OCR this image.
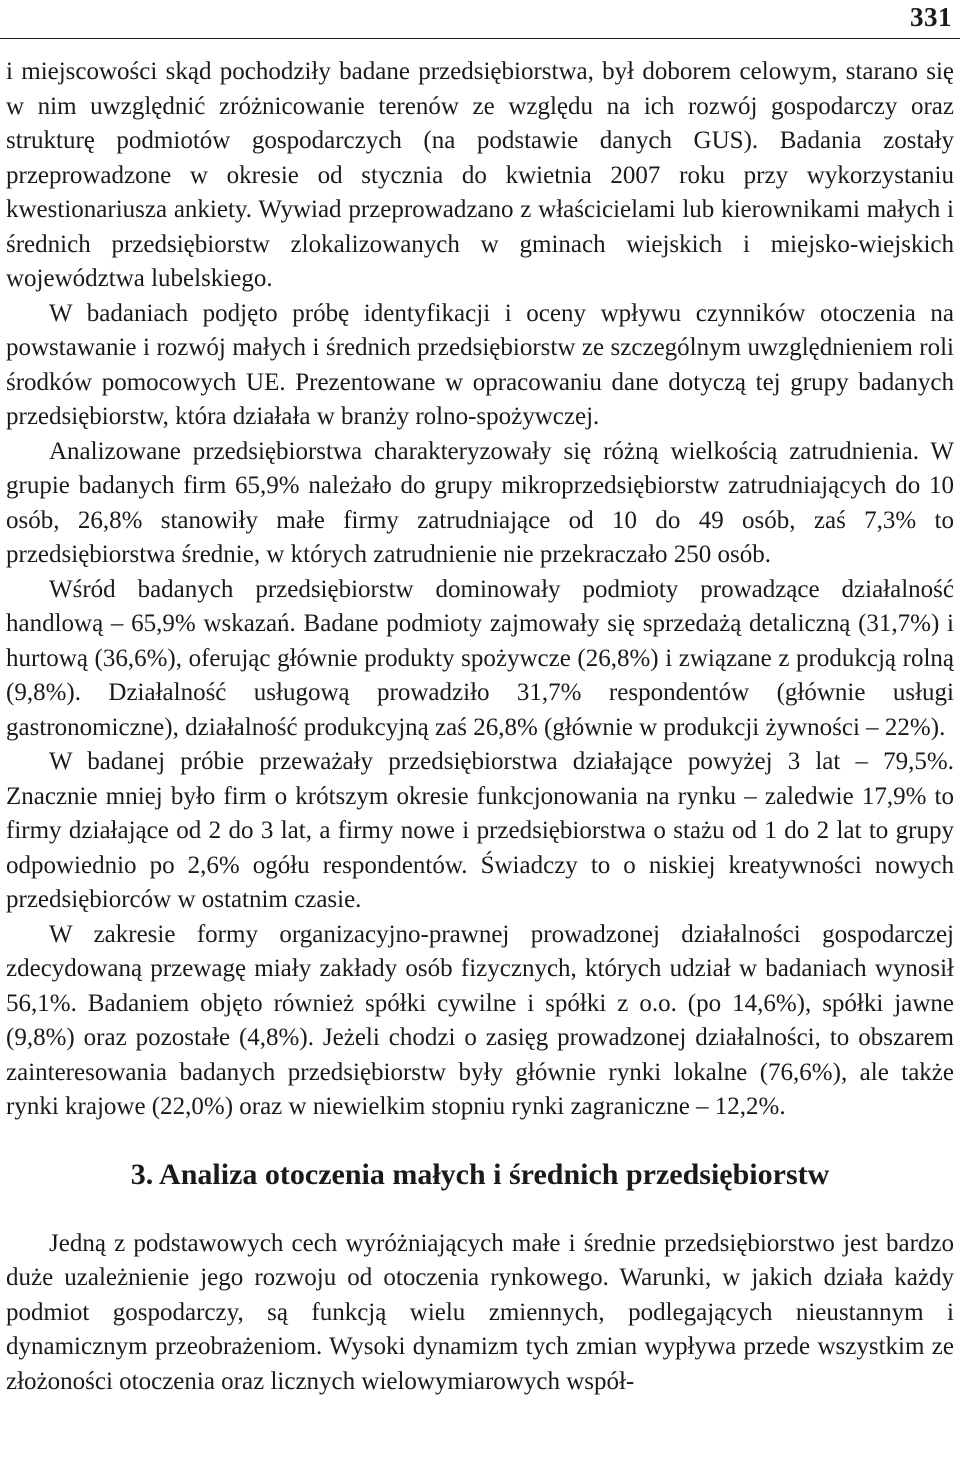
331

i miejscowości skąd pochodziły badane przedsiębiorstwa, był doborem celowym, starano się w nim uwzględnić zróżnicowanie terenów ze względu na ich rozwój gospodarczy oraz strukturę podmiotów gospodarczych (na podstawie danych GUS). Badania zostały przeprowadzone w okresie od stycznia do kwietnia 2007 roku przy wykorzystaniu kwestionariusza ankiety. Wywiad przeprowadzano z właścicielami lub kierownikami małych i średnich przedsiębiorstw zlokalizowanych w gminach wiejskich i miejsko-wiejskich województwa lubelskiego.

W badaniach podjęto próbę identyfikacji i oceny wpływu czynników otoczenia na powstawanie i rozwój małych i średnich przedsiębiorstw ze szczególnym uwzględnieniem roli środków pomocowych UE. Prezentowane w opracowaniu dane dotyczą tej grupy badanych przedsiębiorstw, która działała w branży rolno-spożywczej.

Analizowane przedsiębiorstwa charakteryzowały się różną wielkością zatrudnienia. W grupie badanych firm 65,9% należało do grupy mikroprzedsiębiorstw zatrudniających do 10 osób, 26,8% stanowiły małe firmy zatrudniające od 10 do 49 osób, zaś 7,3% to przedsiębiorstwa średnie, w których zatrudnienie nie przekraczało 250 osób.

Wśród badanych przedsiębiorstw dominowały podmioty prowadzące działalność handlową – 65,9% wskazań. Badane podmioty zajmowały się sprzedażą detaliczną (31,7%) i hurtową (36,6%), oferując głównie produkty spożywcze (26,8%) i związane z produkcją rolną (9,8%). Działalność usługową prowadziło 31,7% respondentów (głównie usługi gastronomiczne), działalność produkcyjną zaś 26,8% (głównie w produkcji żywności – 22%).

W badanej próbie przeważały przedsiębiorstwa działające powyżej 3 lat – 79,5%. Znacznie mniej było firm o krótszym okresie funkcjonowania na rynku – zaledwie 17,9% to firmy działające od 2 do 3 lat, a firmy nowe i przedsiębiorstwa o stażu od 1 do 2 lat to grupy odpowiednio po 2,6% ogółu respondentów. Świadczy to o niskiej kreatywności nowych przedsiębiorców w ostatnim czasie.

W zakresie formy organizacyjno-prawnej prowadzonej działalności gospodarczej zdecydowaną przewagę miały zakłady osób fizycznych, których udział w badaniach wynosił 56,1%. Badaniem objęto również spółki cywilne i spółki z o.o. (po 14,6%), spółki jawne (9,8%) oraz pozostałe (4,8%). Jeżeli chodzi o zasięg prowadzonej działalności, to obszarem zainteresowania badanych przedsiębiorstw były głównie rynki lokalne (76,6%), ale także rynki krajowe (22,0%) oraz w niewielkim stopniu rynki zagraniczne – 12,2%.

3. Analiza otoczenia małych i średnich przedsiębiorstw

Jedną z podstawowych cech wyróżniających małe i średnie przedsiębiorstwo jest bardzo duże uzależnienie jego rozwoju od otoczenia rynkowego. Warunki, w jakich działa każdy podmiot gospodarczy, są funkcją wielu zmiennych, podlegających nieustannym i dynamicznym przeobrażeniom. Wysoki dynamizm tych zmian wypływa przede wszystkim ze złożoności otoczenia oraz licznych wielowymiarowych współ-
